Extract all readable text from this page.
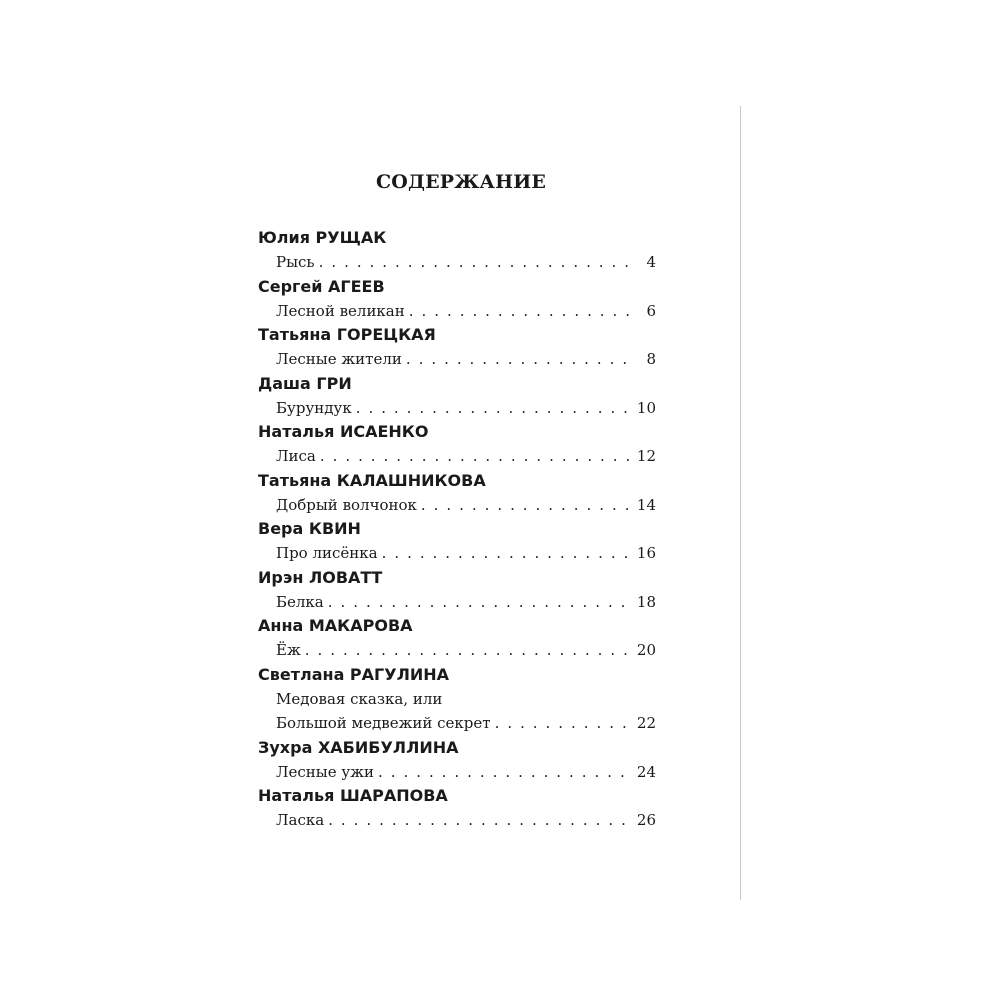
СОДЕРЖАНИЕ
Юлия РУЩАК
Рысь . . .	4
Сергей АГЕЕВ
Лесной великан . . .	6
Татьяна ГОРЕЦКАЯ
Лесные жители . . .	8
Даша ГРИ
Бурундук . . .	10
Наталья ИСАЕНКО
Лиса . . .	12
Татьяна КАЛАШНИКОВА
Добрый волчонок . . .	14
Вера КВИН
Про лисёнка . . .	16
Ирэн ЛОВАТТ
Белка . . .	18
Анна МАКАРОВА
Ёж . . .	20
Светлана РАГУЛИНА
Медовая сказка, или
Большой медвежий секрет . . .	22
Зухра ХАБИБУЛЛИНА
Лесные ужи . . .	24
Наталья ШАРАПОВА
Ласка . . .	26
